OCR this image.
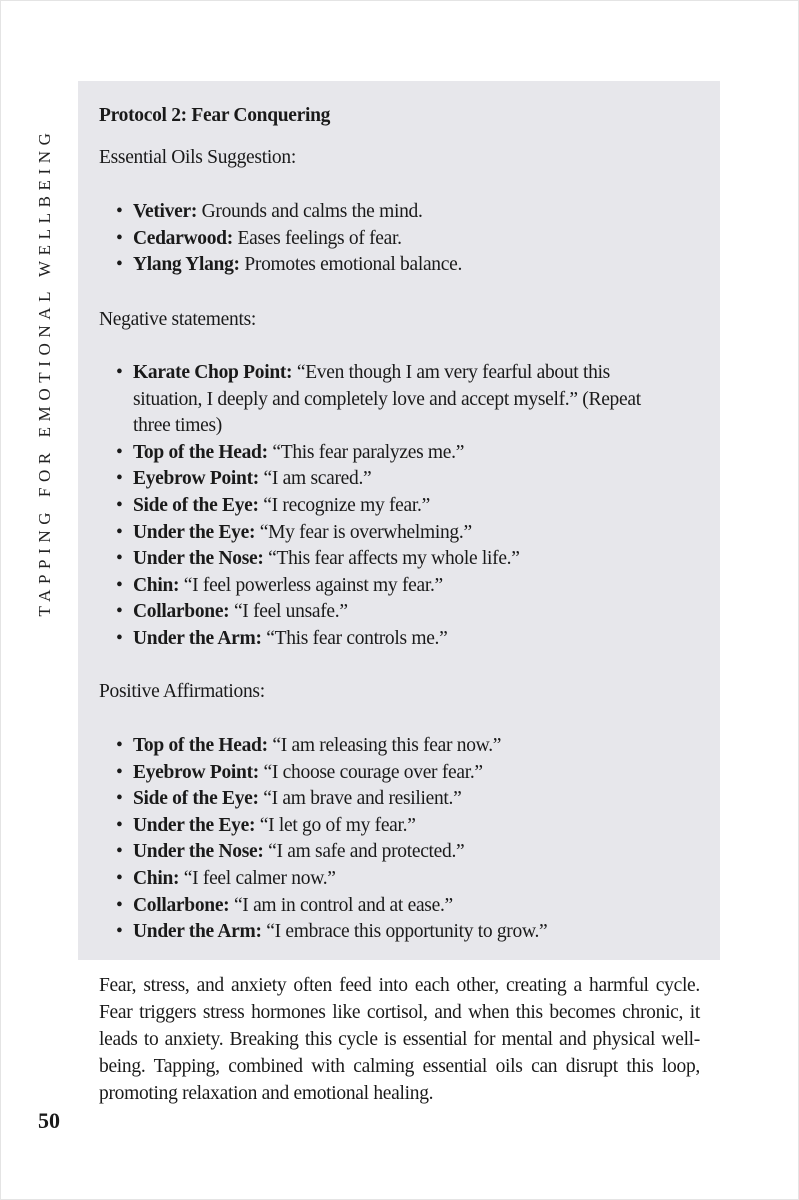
TAPPING FOR EMOTIONAL WELLBEING
Protocol 2: Fear Conquering
Essential Oils Suggestion:
• Vetiver: Grounds and calms the mind.
• Cedarwood: Eases feelings of fear.
• Ylang Ylang: Promotes emotional balance.
Negative statements:
• Karate Chop Point: “Even though I am very fearful about this situation, I deeply and completely love and accept myself.” (Repeat three times)
• Top of the Head: “This fear paralyzes me.”
• Eyebrow Point: “I am scared.”
• Side of the Eye: “I recognize my fear.”
• Under the Eye: “My fear is overwhelming.”
• Under the Nose: “This fear affects my whole life.”
• Chin: “I feel powerless against my fear.”
• Collarbone: “I feel unsafe.”
• Under the Arm: “This fear controls me.”
Positive Affirmations:
• Top of the Head: “I am releasing this fear now.”
• Eyebrow Point: “I choose courage over fear.”
• Side of the Eye: “I am brave and resilient.”
• Under the Eye: “I let go of my fear.”
• Under the Nose: “I am safe and protected.”
• Chin: “I feel calmer now.”
• Collarbone: “I am in control and at ease.”
• Under the Arm: “I embrace this opportunity to grow.”
Fear, stress, and anxiety often feed into each other, creating a harmful cycle. Fear triggers stress hormones like cortisol, and when this becomes chronic, it leads to anxiety. Breaking this cycle is essential for mental and physical well-being. Tapping, combined with calming essential oils can disrupt this loop, promoting relaxation and emotional healing.
50
